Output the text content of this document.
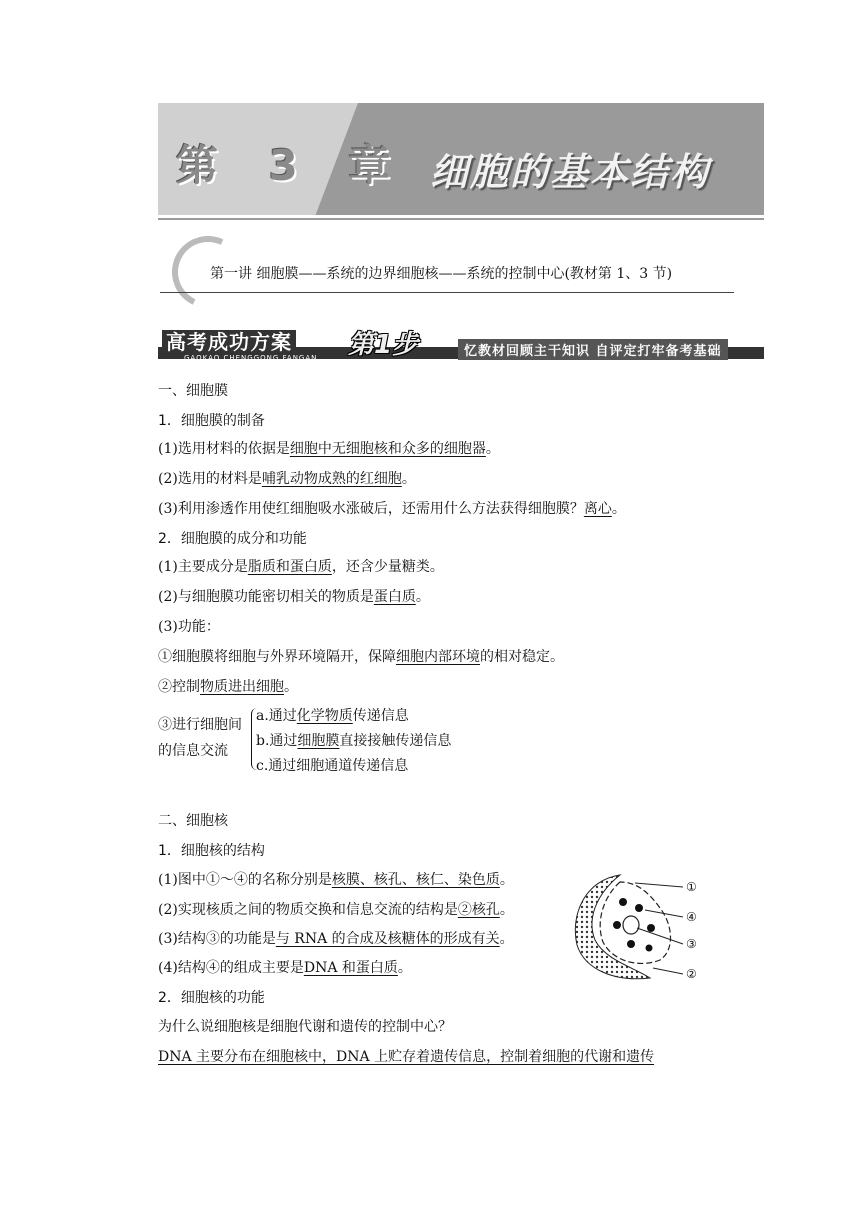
第 3 章 细胞的基本结构
第一讲 细胞膜——系统的边界细胞核——系统的控制中心(教材第 1、3 节)
高考成功方案
GAOKAO CHENGGONG FANGAN 第1步	忆教材回顾主干知识 自评定打牢备考基础
一、细胞膜
1．细胞膜的制备
(1)选用材料的依据是细胞中无细胞核和众多的细胞器。
(2)选用的材料是哺乳动物成熟的红细胞。
(3)利用渗透作用使红细胞吸水涨破后，还需用什么方法获得细胞膜？离心。
2．细胞膜的成分和功能
(1)主要成分是脂质和蛋白质，还含少量糖类。
(2)与细胞膜功能密切相关的物质是蛋白质。
(3)功能：
①细胞膜将细胞与外界环境隔开，保障细胞内部环境的相对稳定。
②控制物质进出细胞。
③进行细胞间
的信息交流
a.通过化学物质传递信息
b.通过细胞膜直接接触传递信息
c.通过细胞通道传递信息
二、细胞核
1．细胞核的结构
(1)图中①～④的名称分别是核膜、核孔、核仁、染色质。
(2)实现核质之间的物质交换和信息交流的结构是②核孔。
(3)结构③的功能是与 RNA 的合成及核糖体的形成有关。
(4)结构④的组成主要是DNA 和蛋白质。
2．细胞核的功能
为什么说细胞核是细胞代谢和遗传的控制中心？
DNA 主要分布在细胞核中，DNA 上贮存着遗传信息，控制着细胞的代谢和遗传
①
④
③
②
